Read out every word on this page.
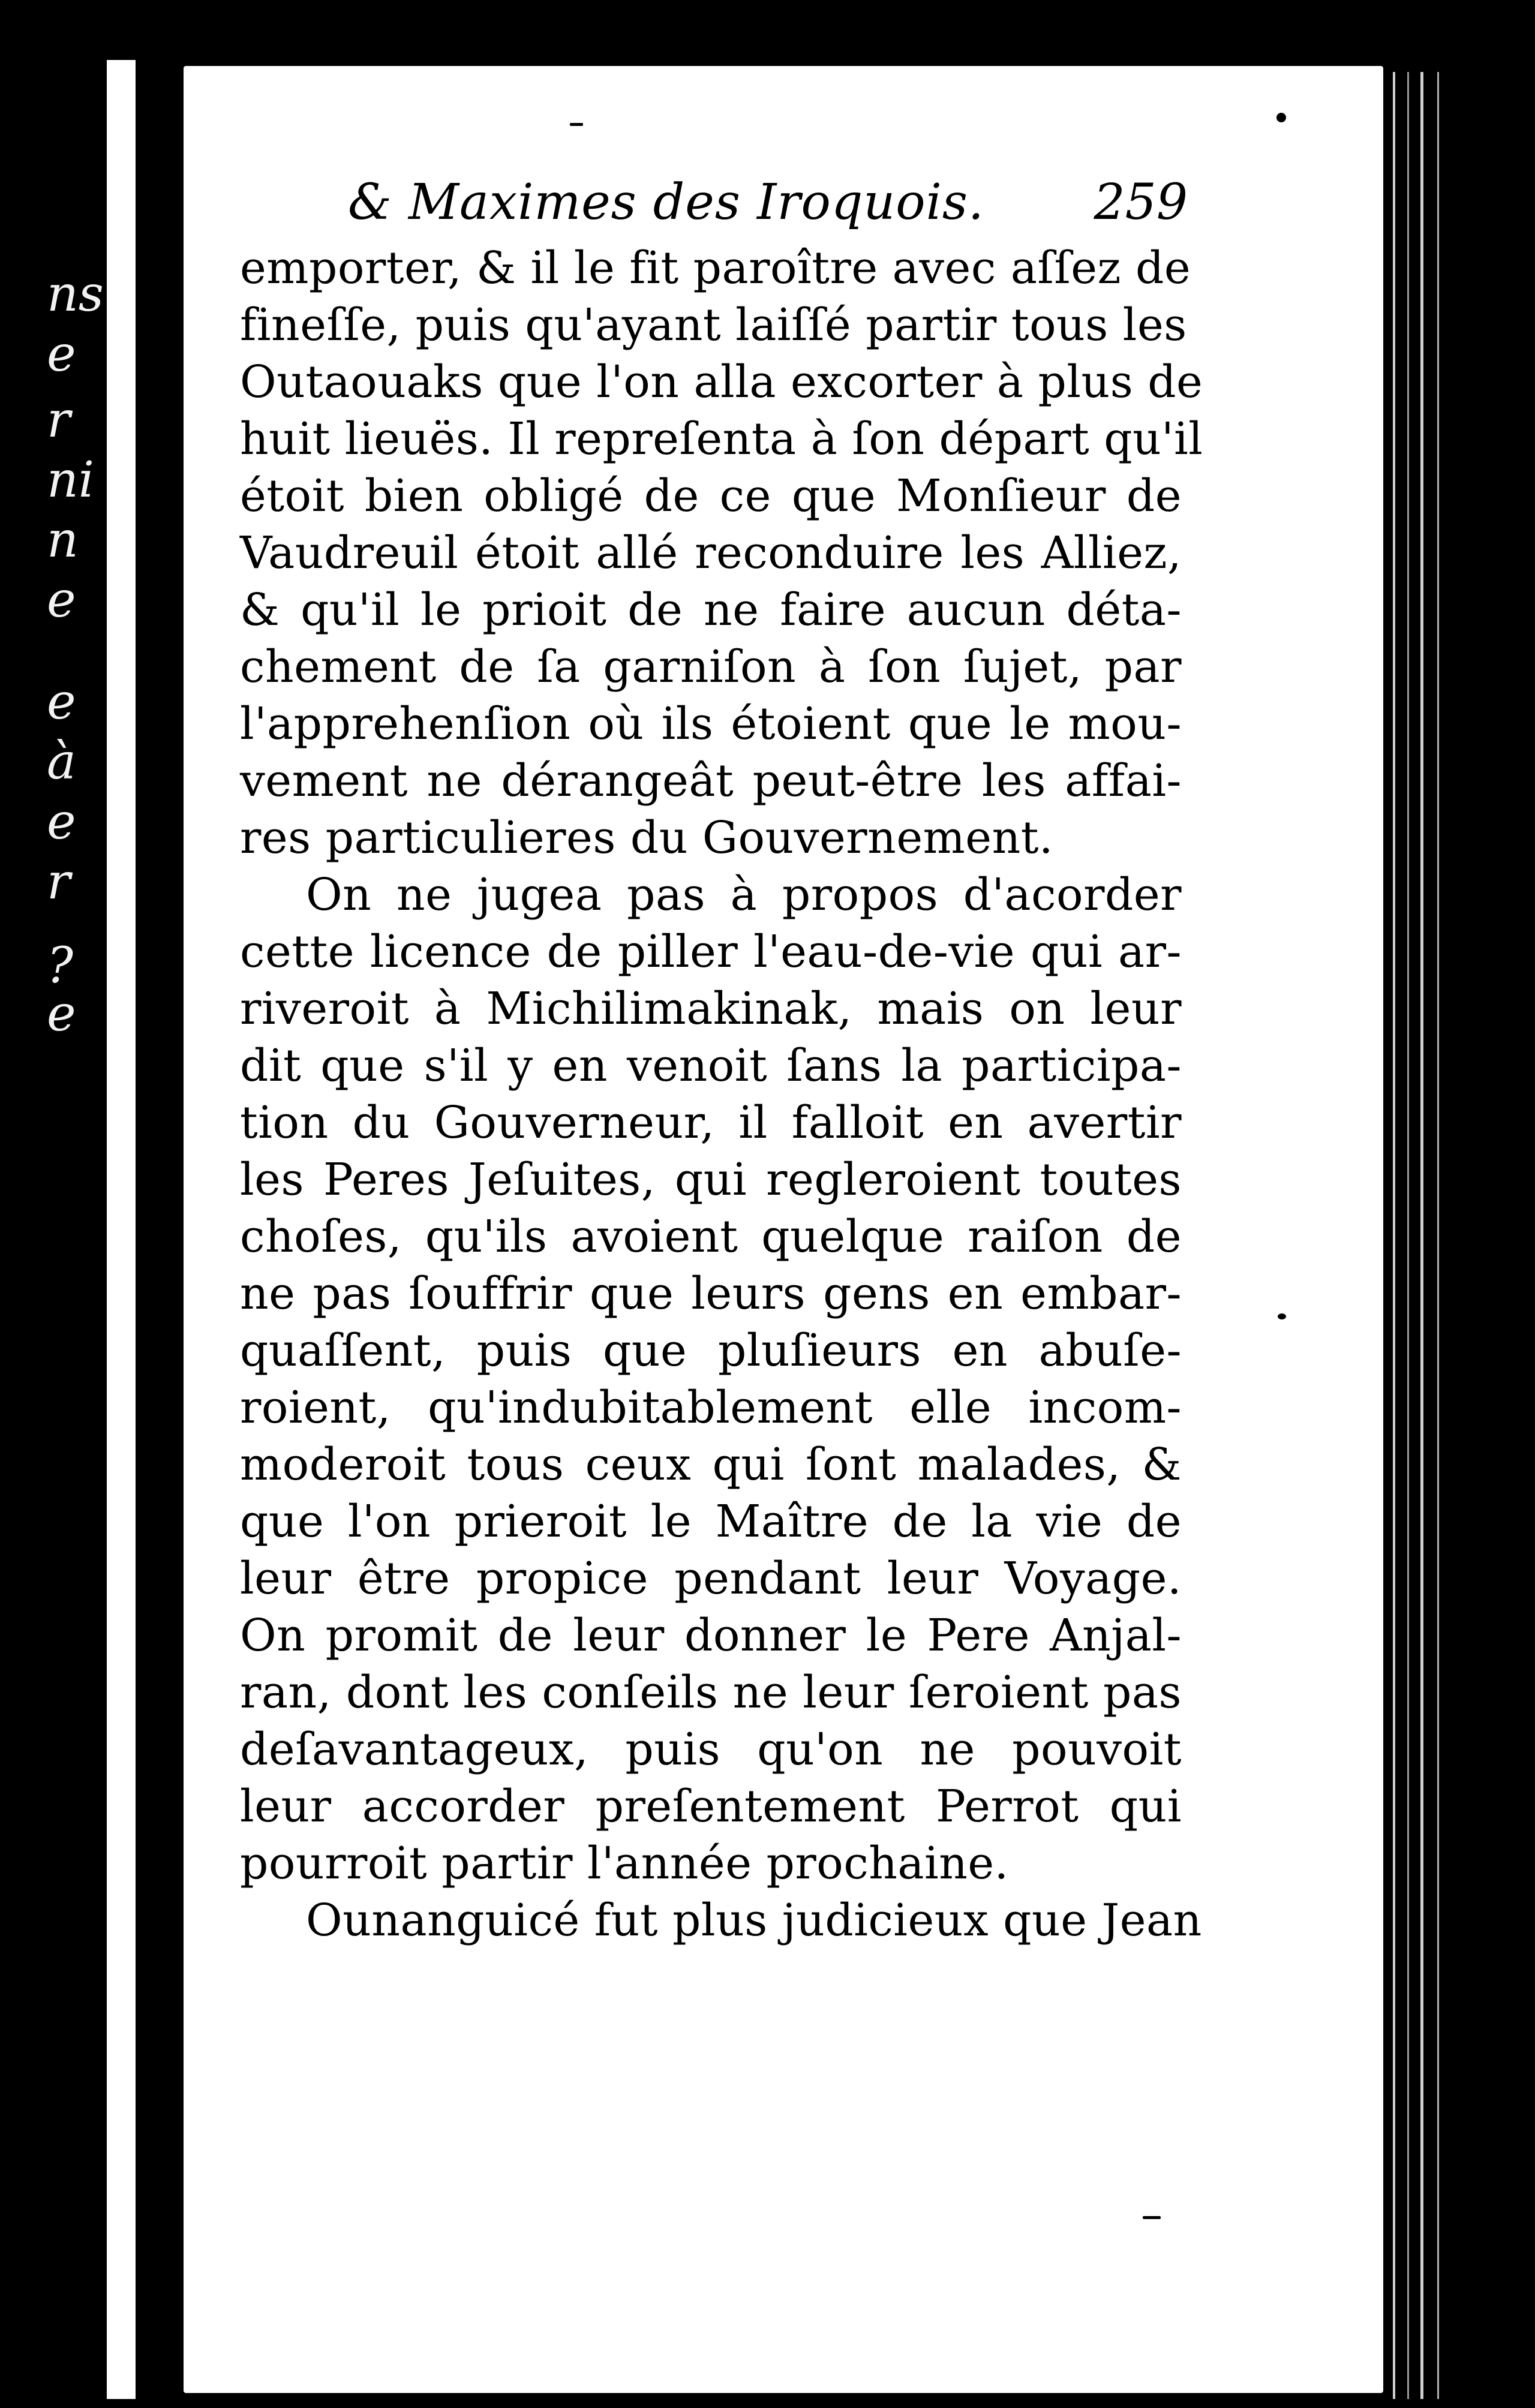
ns
e
r
ni
n
e
e
à
e
r
?
e
& Maximes des Iroquois. 259
emporter, & il le fit paroître avec aſſez de
fineſſe, puis qu'ayant laiſſé partir tous les
Outaouaks que l'on alla excorter à plus de
huit lieuës. Il repreſenta à ſon départ qu'il
étoit bien obligé de ce que Monſieur de
Vaudreuil étoit allé reconduire les Alliez,
& qu'il le prioit de ne faire aucun déta-
chement de ſa garniſon à ſon ſujet, par
l'apprehenſion où ils étoient que le mou-
vement ne dérangeât peut-être les affai-
res particulieres du Gouvernement.
On ne jugea pas à propos d'acorder
cette licence de piller l'eau-de-vie qui ar-
riveroit à Michilimakinak, mais on leur
dit que s'il y en venoit ſans la participa-
tion du Gouverneur, il falloit en avertir
les Peres Jeſuites, qui regleroient toutes
choſes, qu'ils avoient quelque raiſon de
ne pas ſouffrir que leurs gens en embar-
quaſſent, puis que pluſieurs en abuſe-
roient, qu'indubitablement elle incom-
moderoit tous ceux qui ſont malades, &
que l'on prieroit le Maître de la vie de
leur être propice pendant leur Voyage.
On promit de leur donner le Pere Anjal-
ran, dont les conſeils ne leur ſeroient pas
deſavantageux, puis qu'on ne pouvoit
leur accorder preſentement Perrot qui
pourroit partir l'année prochaine.
Ounanguicé fut plus judicieux que Jean
